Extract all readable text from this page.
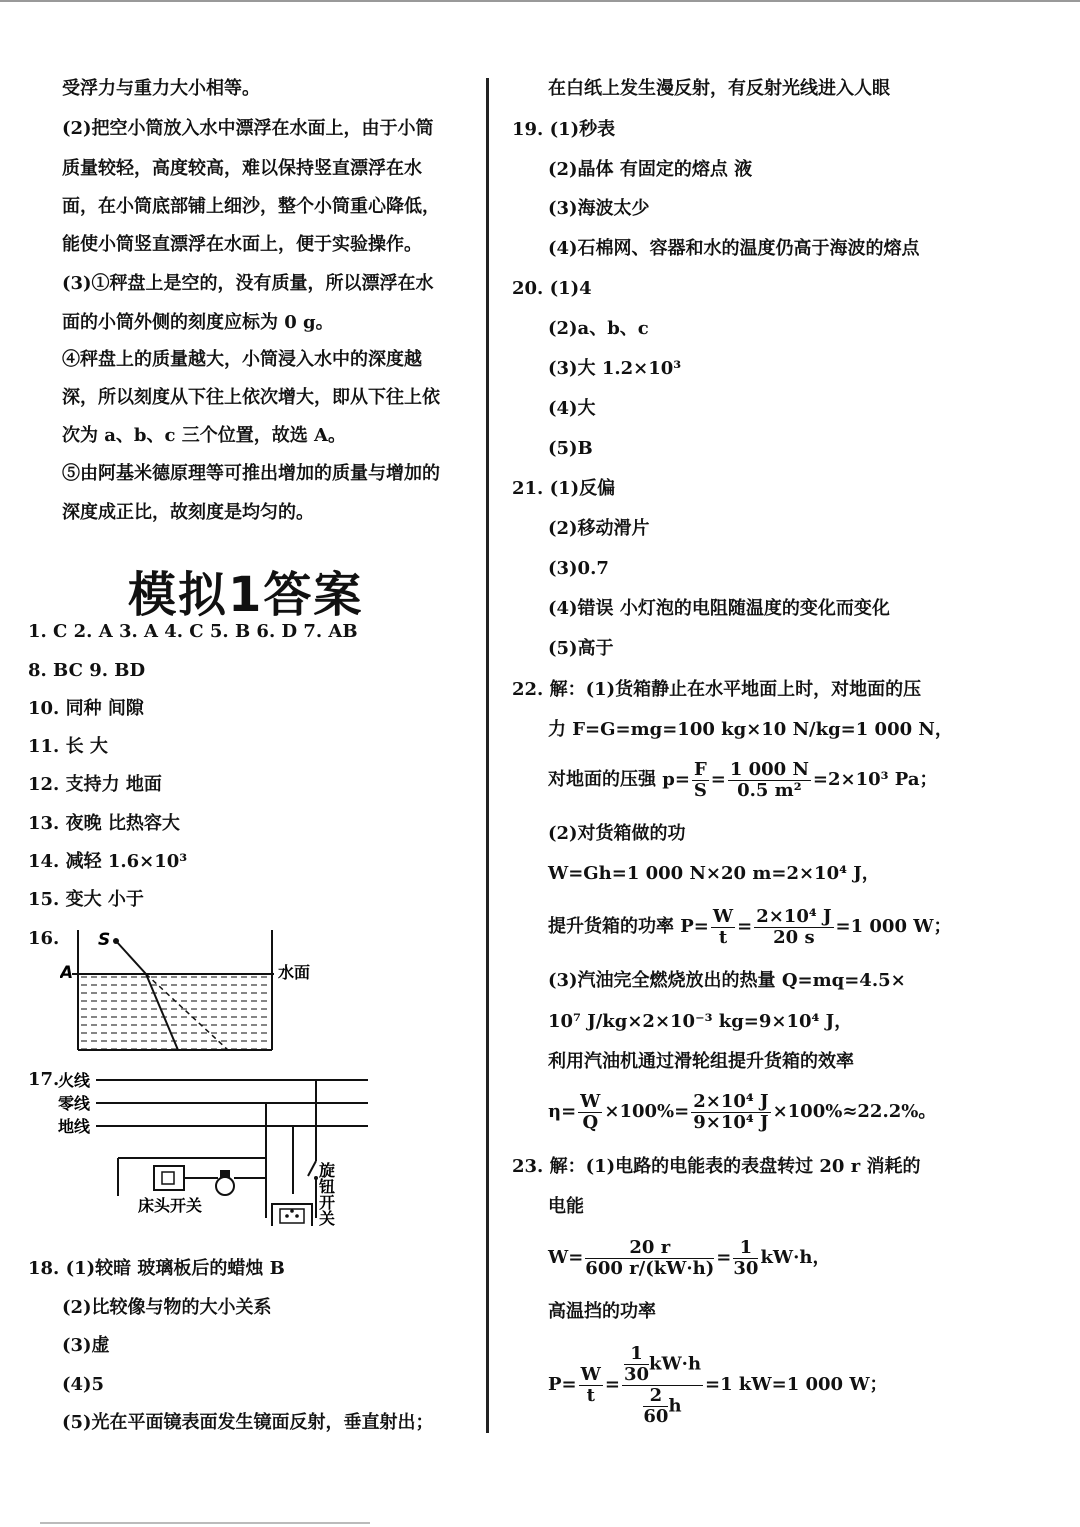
受浮力与重力大小相等。
(2)把空小筒放入水中漂浮在水面上，由于小筒
质量较轻，高度较高，难以保持竖直漂浮在水
面，在小筒底部铺上细沙，整个小筒重心降低，
能使小筒竖直漂浮在水面上，便于实验操作。
(3)①秤盘上是空的，没有质量，所以漂浮在水
面的小筒外侧的刻度应标为 0 g。
④秤盘上的质量越大，小筒浸入水中的深度越
深，所以刻度从下往上依次增大，即从下往上依
次为 a、b、c 三个位置，故选 A。
⑤由阿基米德原理等可推出增加的质量与增加的
深度成正比，故刻度是均匀的。
模拟1答案
1. C 2. A 3. A 4. C 5. B 6. D 7. AB
8. BC 9. BD
10. 同种 间隙
11. 长 大
12. 支持力 地面
13. 夜晚 比热容大
14. 减轻 1.6×10³
15. 变大 小于
16. S
A	水面
17.
火线
零线
地线
床头开关	旋钮开关
18. (1)较暗 玻璃板后的蜡烛 B
(2)比较像与物的大小关系
(3)虚
(4)5
(5)光在平面镜表面发生镜面反射，垂直射出；
在白纸上发生漫反射，有反射光线进入人眼
19. (1)秒表
(2)晶体 有固定的熔点 液
(3)海波太少
(4)石棉网、容器和水的温度仍高于海波的熔点
20. (1)4
(2)a、b、c
(3)大 1.2×10³
(4)大
(5)B
21. (1)反偏
(2)移动滑片
(3)0.7
(4)错误 小灯泡的电阻随温度的变化而变化
(5)高于
22. 解：(1)货箱静止在水平地面上时，对地面的压
力 F=G=mg=100 kg×10 N/kg=1 000 N，
对地面的压强 $p= \frac{F}{S} = \frac{1 000 N}{\text{0.5 m²}} =2\times 10^3$ Pa；
(2)对货箱做的功
W=Gh=1 000 N×20 m=2×10⁴ J，
提升货箱的功率 $P= \frac{W}{t} = \frac{\text{2×10⁴ J}}{20 s} =1$ 000 W；
(3)汽油完全燃烧放出的热量 Q=mq=4.5×
10⁷ J/kg×2×10⁻³ kg=9×10⁴ J，
利用汽油机通过滑轮组提升货箱的效率
$\eta= \frac{W}{Q} \times 100\%= \frac{\text{2×10⁴ J}}{\text{9×10⁴ J}} \times 100\%\approx 22.2\%$。
23. 解：(1)电路的电能表的表盘转过 20 r 消耗的
电能
$W= \frac{20 r}{600 r/(kW\cdot h)} = \frac{1}{30} kW\cdot h$，
高温挡的功率
$P= \frac{W}{t} = \frac{\frac{1}{30} kW\cdot h}{\frac{2}{60} h} =1$ kW=1 000 W；
